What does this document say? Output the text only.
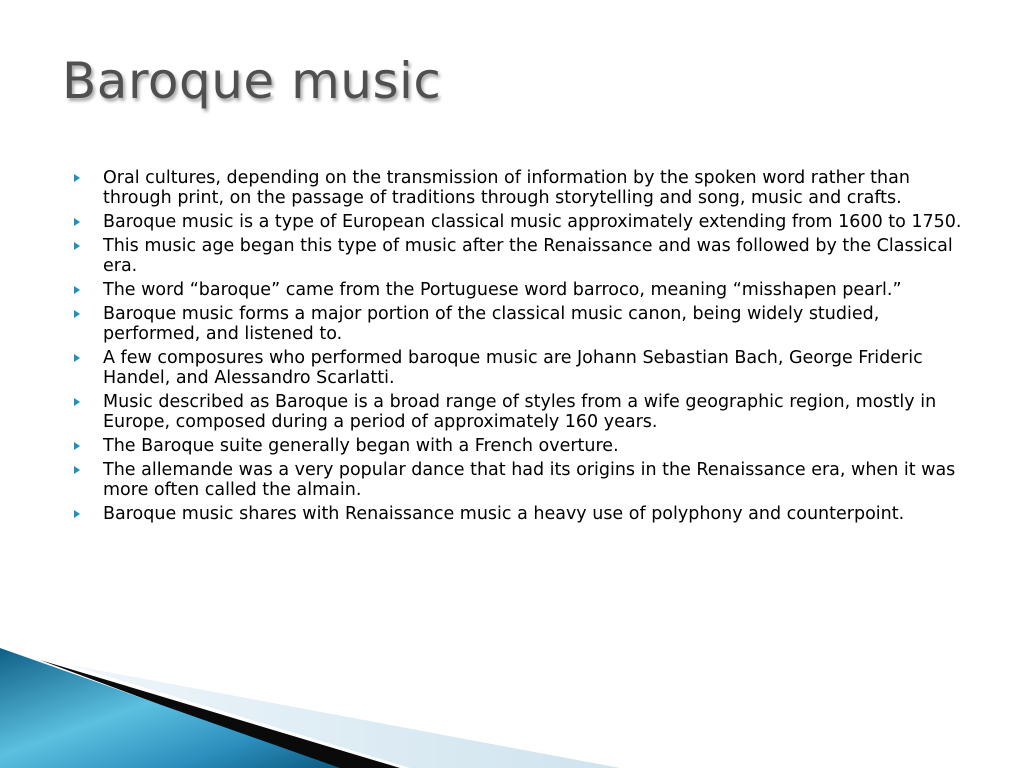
Baroque music
Oral cultures, depending on the transmission of information by the spoken word rather than through print, on the passage of traditions through storytelling and song, music and crafts.
Baroque music is a type of European classical music approximately extending from 1600 to 1750.
This music age began this type of music after the Renaissance and was followed by the Classical era.
The word “baroque” came from the Portuguese word barroco, meaning “misshapen pearl.”
Baroque music forms a major portion of the classical music canon, being widely studied, performed, and listened to.
A few composures who performed baroque music are Johann Sebastian Bach, George Frideric Handel, and Alessandro Scarlatti.
Music described as Baroque is a broad range of styles from a wife geographic region, mostly in Europe, composed during a period of approximately 160 years.
The Baroque suite generally began with a French overture.
The allemande was a very popular dance that had its origins in the Renaissance era, when it was more often called the almain.
Baroque music shares with Renaissance music a heavy use of polyphony and counterpoint.
